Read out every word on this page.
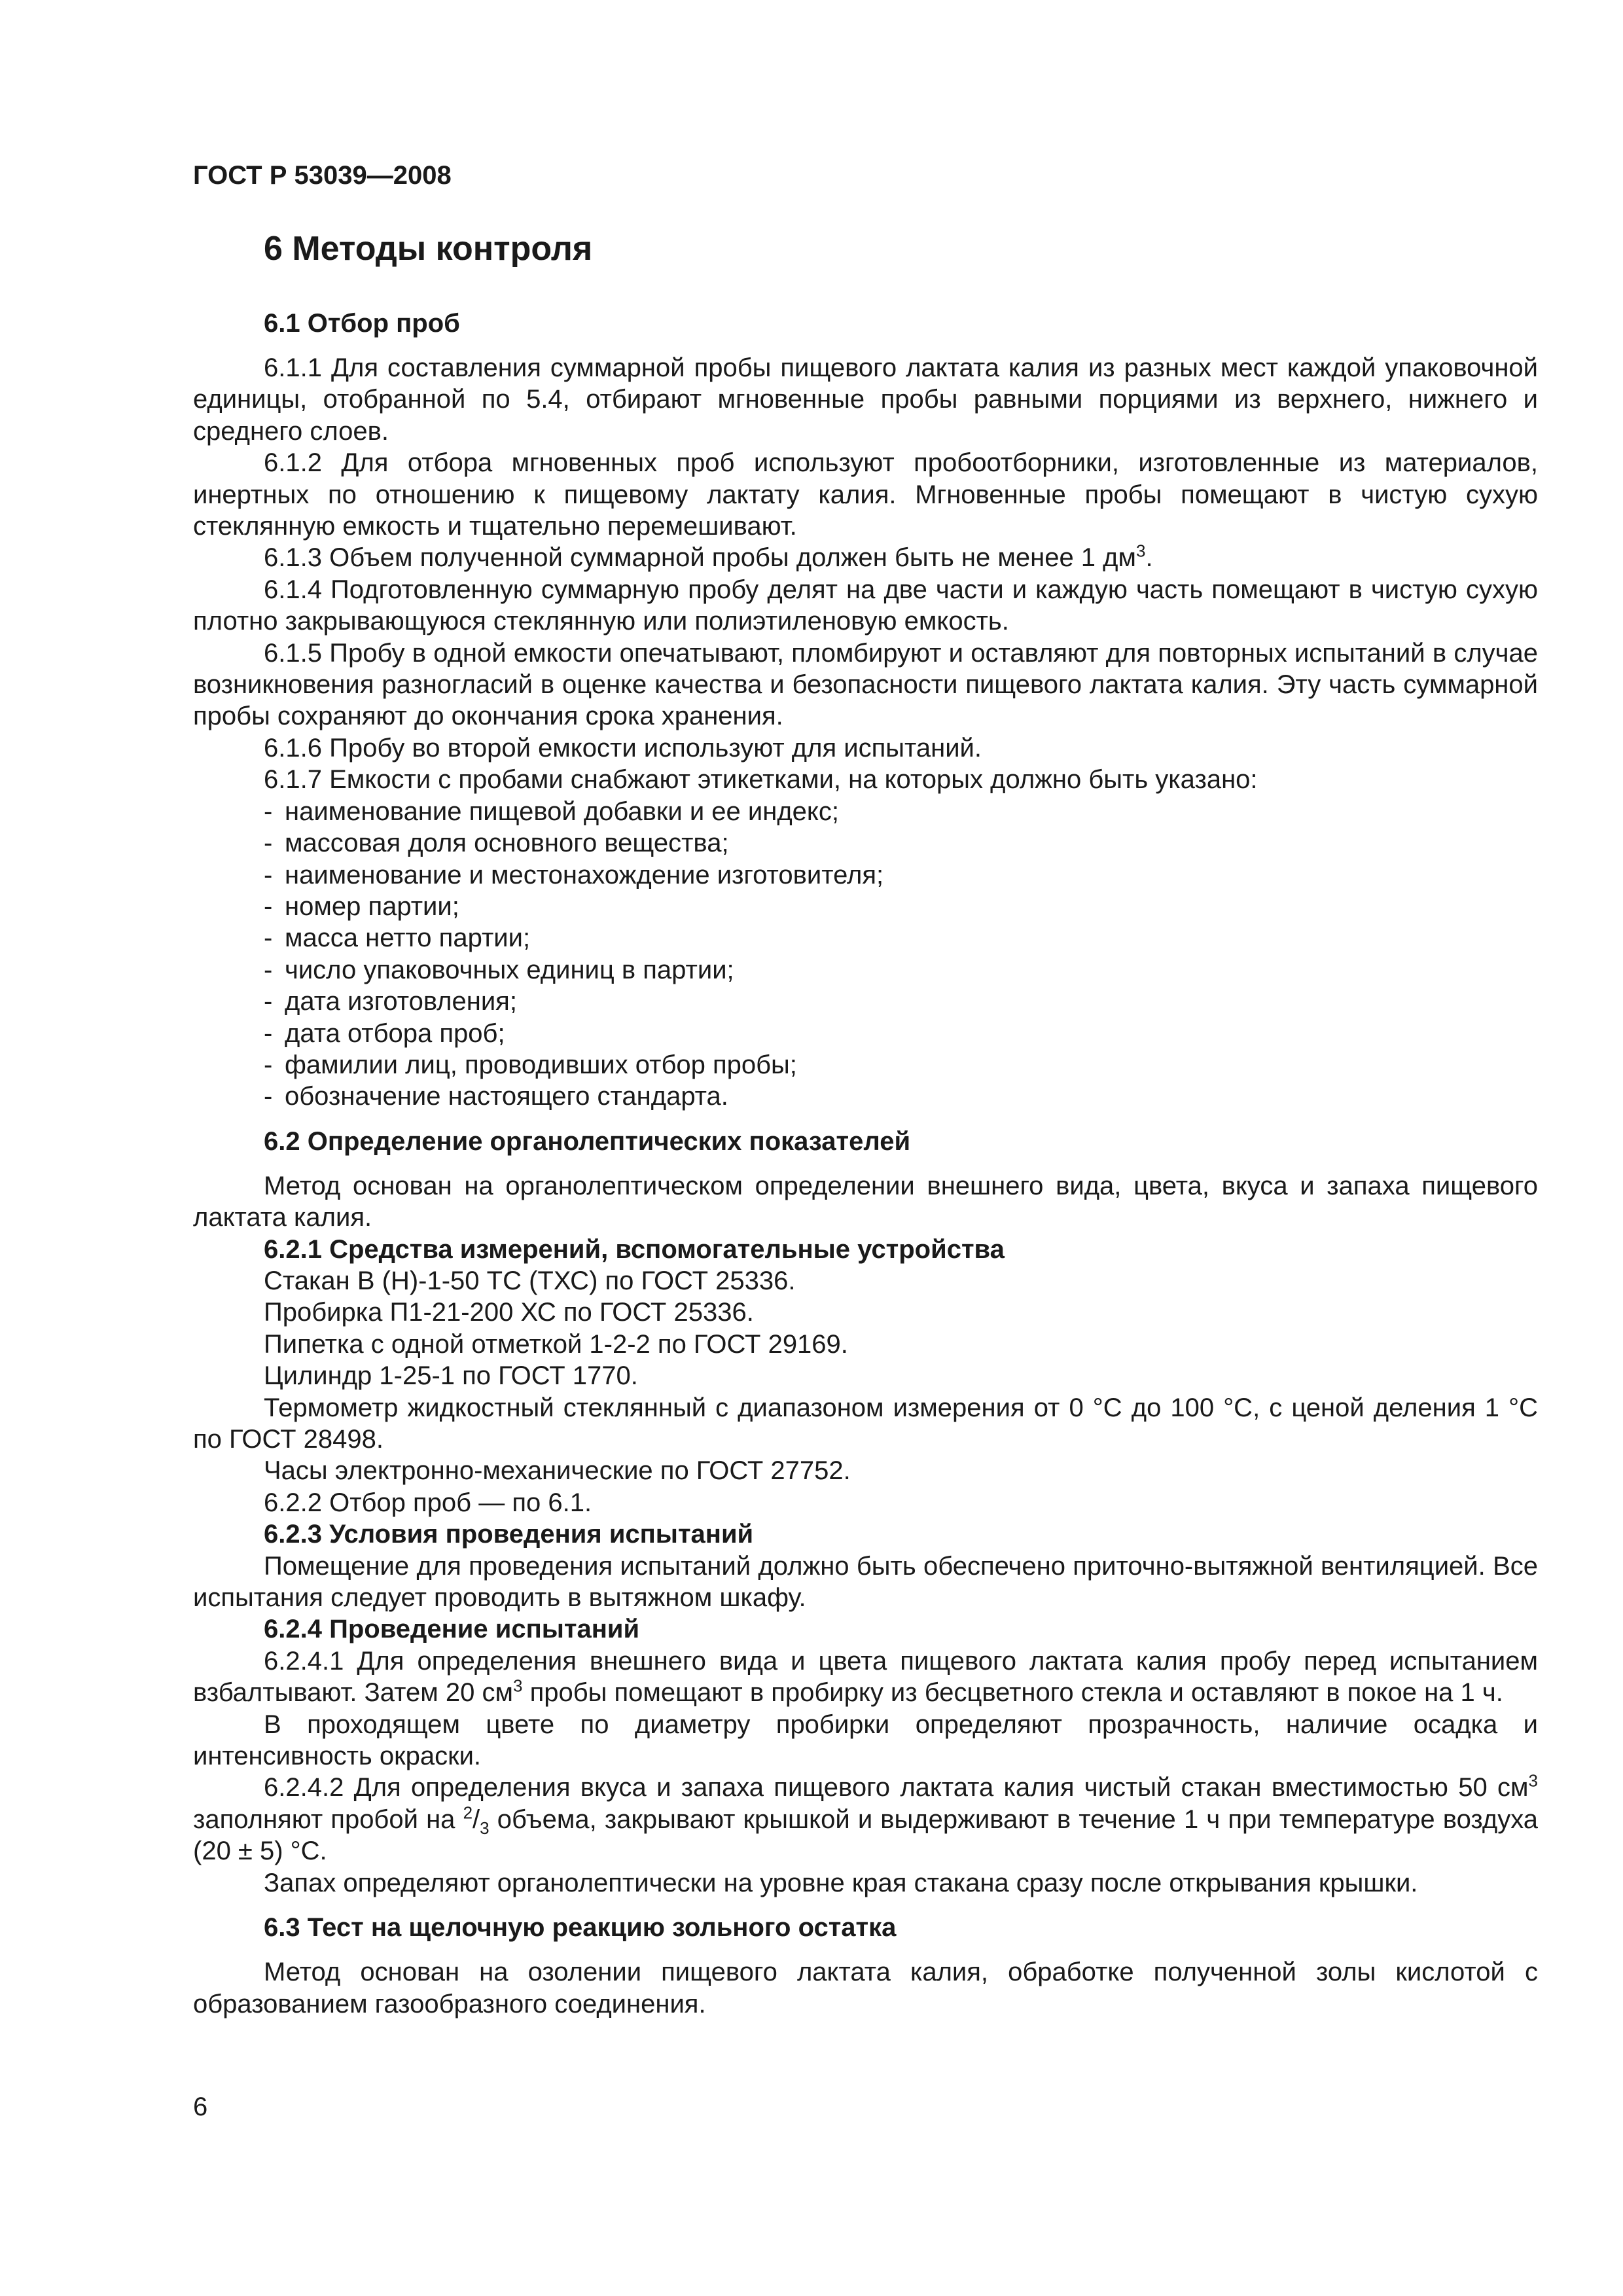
ГОСТ Р 53039—2008
6 Методы контроля
6.1 Отбор проб

6.1.1 Для составления суммарной пробы пищевого лактата калия из разных мест каждой упаковочной единицы, отобранной по 5.4, отбирают мгновенные пробы равными порциями из верхнего, нижнего и среднего слоев.

6.1.2 Для отбора мгновенных проб используют пробоотборники, изготовленные из материалов, инертных по отношению к пищевому лактату калия. Мгновенные пробы помещают в чистую сухую стеклянную емкость и тщательно перемешивают.

6.1.3 Объем полученной суммарной пробы должен быть не менее 1 $дм^3$.

6.1.4 Подготовленную суммарную пробу делят на две части и каждую часть помещают в чистую сухую плотно закрывающуюся стеклянную или полиэтиленовую емкость.

6.1.5 Пробу в одной емкости опечатывают, пломбируют и оставляют для повторных испытаний в случае возникновения разногласий в оценке качества и безопасности пищевого лактата калия. Эту часть суммарной пробы сохраняют до окончания срока хранения.

6.1.6 Пробу во второй емкости используют для испытаний.

6.1.7 Емкости с пробами снабжают этикетками, на которых должно быть указано:

- наименование пищевой добавки и ее индекс;
- массовая доля основного вещества;
- наименование и местонахождение изготовителя;
- номер партии;
- масса нетто партии;
- число упаковочных единиц в партии;
- дата изготовления;
- дата отбора проб;
- фамилии лиц, проводивших отбор пробы;
- обозначение настоящего стандарта.
6.2 Определение органолептических показателей

Метод основан на органолептическом определении внешнего вида, цвета, вкуса и запаха пищевого лактата калия.

6.2.1 Средства измерений, вспомогательные устройства

Стакан В (Н)-1-50 ТС (ТХС) по ГОСТ 25336.

Пробирка П1-21-200 ХС по ГОСТ 25336.

Пипетка с одной отметкой 1-2-2 по ГОСТ 29169.

Цилиндр 1-25-1 по ГОСТ 1770.

Термометр жидкостный стеклянный с диапазоном измерения от 0 °С до 100 °С, с ценой деления 1 °С по ГОСТ 28498.

Часы электронно-механические по ГОСТ 27752.

6.2.2 Отбор проб — по 6.1.

6.2.3 Условия проведения испытаний

Помещение для проведения испытаний должно быть обеспечено приточно-вытяжной вентиляцией. Все испытания следует проводить в вытяжном шкафу.

6.2.4 Проведение испытаний

6.2.4.1 Для определения внешнего вида и цвета пищевого лактата калия пробу перед испытанием взбалтывают. Затем 20 $см^3$ пробы помещают в пробирку из бесцветного стекла и оставляют в покое на 1 ч.

В проходящем цвете по диаметру пробирки определяют прозрачность, наличие осадка и интенсивность окраски.

6.2.4.2 Для определения вкуса и запаха пищевого лактата калия чистый стакан вместимостью 50 $см^3$ заполняют пробой на $^2/_3$ объема, закрывают крышкой и выдерживают в течение 1 ч при температуре воздуха (20 ± 5) °С.

Запах определяют органолептически на уровне края стакана сразу после открывания крышки.

6.3 Тест на щелочную реакцию зольного остатка

Метод основан на озолении пищевого лактата калия, обработке полученной золы кислотой с образованием газообразного соединения.

6
